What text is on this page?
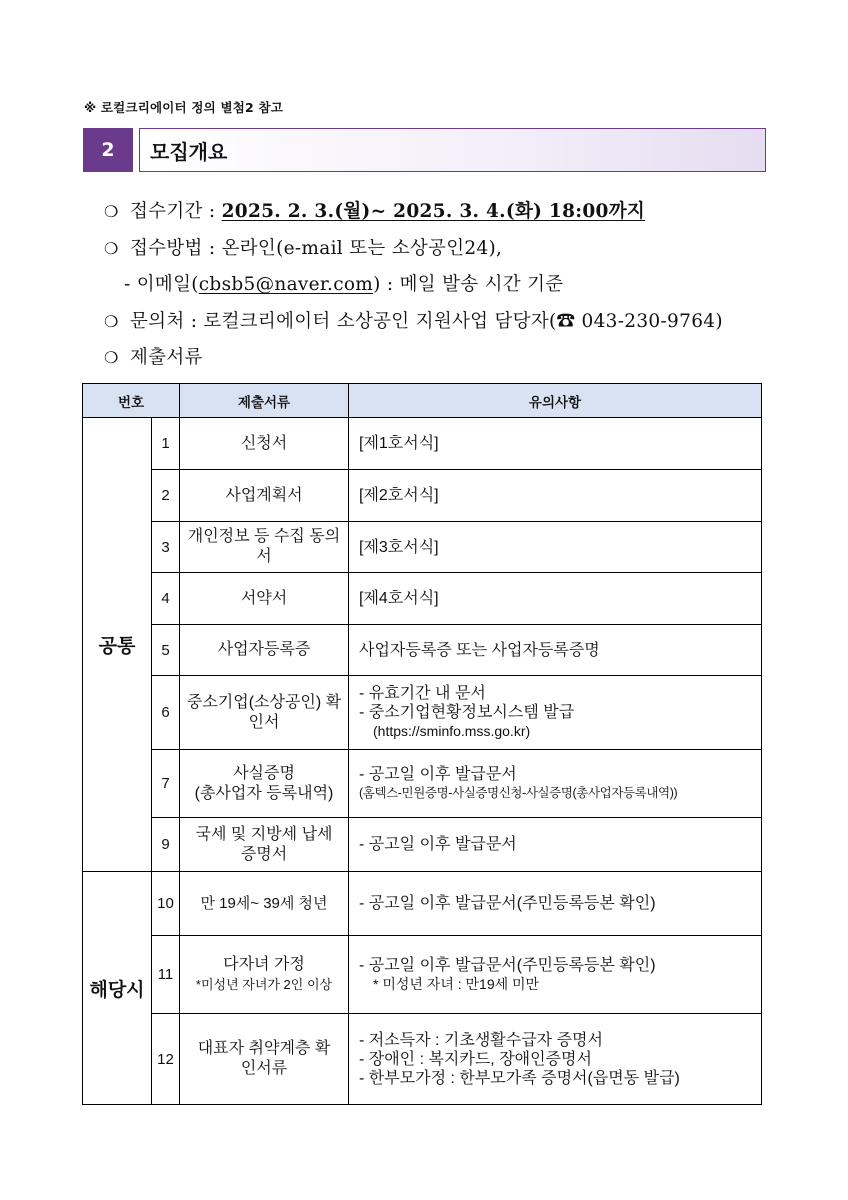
※ 로컬크리에이터 정의 별첨2 참고
2	모집개요
❍ 접수기간 : 2025. 2. 3.(월)~ 2025. 3. 4.(화) 18:00까지
❍ 접수방법 : 온라인(e-mail 또는 소상공인24),
- 이메일(cbsb5@naver.com) : 메일 발송 시간 기준
❍ 문의처 : 로컬크리에이터 소상공인 지원사업 담당자(☎ 043-230-9764)
❍ 제출서류
번호		제출서류	유의사항
공통	1	신청서	[제1호서식]
	2	사업계획서	[제2호서식]
	3	개인정보 등 수집 동의서	[제3호서식]
	4	서약서	[제4호서식]
	5	사업자등록증	사업자등록증 또는 사업자등록증명
	6	중소기업(소상공인) 확인서	- 유효기간 내 문서
- 중소기업현황정보시스템 발급
(https://sminfo.mss.go.kr)

	7	사실증명
(총사업자 등록내역)	- 공고일 이후 발급문서
(홈텍스-민원증명-사실증명신청-사실증명(총사업자등록내역))

	9	국세 및 지방세 납세증명서	- 공고일 이후 발급문서
해당시	10	만 19세~ 39세 청년	- 공고일 이후 발급문서(주민등록등본 확인)
	11	다자녀 가정
*미성년 자녀가 2인 이상	- 공고일 이후 발급문서(주민등록등본 확인)
* 미성년 자녀 : 만19세 미만

	12	대표자 취약계층 확인서류	- 저소득자 : 기초생활수급자 증명서
- 장애인 : 복지카드, 장애인증명서
- 한부모가정 : 한부모가족 증명서(읍면동 발급)
